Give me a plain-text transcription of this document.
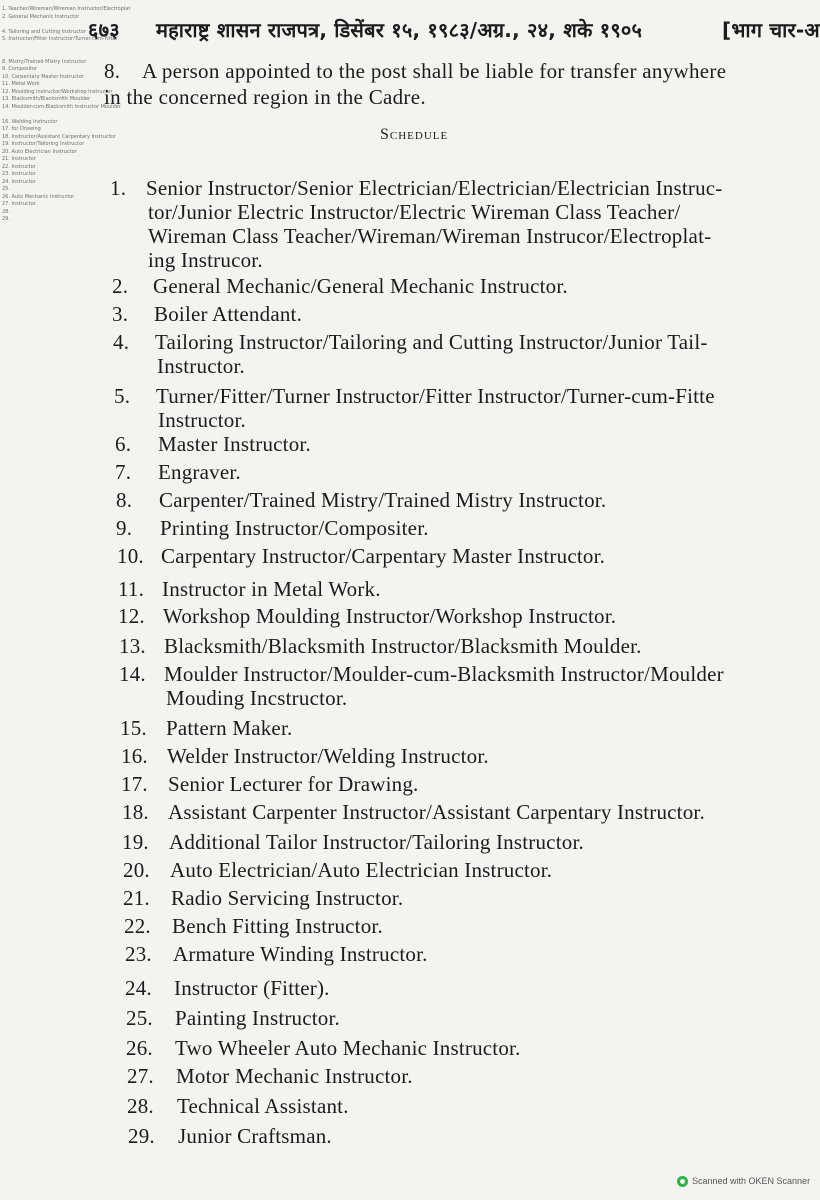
६७३ महाराष्ट्र शासन राजपत्र, डिसेंबर १५, १९८३/अग्र., २४, शके १९०५	[भाग चार-अ
1. Teacher/Wireman/Wireman Instructor/Electroplat
2. General Mechanic Instructor

4. Tailoring and Cutting Instructor
5. Instructor/Fitter Instructor/Turner-cum-Fitter

8. Mistry/Trained Mistry Instructor
9. Compositor
10. Carpentary Master Instructor
11. Metal Work
12. Moulding Instructor/Workshop Instructor
13. Blacksmith/Blacksmith Moulder
14. Moulder-cum-Blacksmith Instructor Moulder

16. Welding Instructor
17. for Drawing
18. Instructor/Assistant Carpentary Instructor
19. Instructor/Tailoring Instructor
20. Auto Electrician Instructor
21. Instructor
22. Instructor
23. Instructor
24. Instructor
25.
26. Auto Mechanic Instructor
27. Instructor
28.
29.
8. A person appointed to the post shall be liable for transfer anywhere
in the concerned region in the Cadre.
Schedule
1. Senior Instructor/Senior Electrician/Electrician/Electrician Instruc-
tor/Junior Electric Instructor/Electric Wireman Class Teacher/
Wireman Class Teacher/Wireman/Wireman Instrucor/Electroplat-
ing Instrucor.
2. General Mechanic/General Mechanic Instructor.
3. Boiler Attendant.
4. Tailoring Instructor/Tailoring and Cutting Instructor/Junior Tail-
Instructor.
5. Turner/Fitter/Turner Instructor/Fitter Instructor/Turner-cum-Fitte
Instructor.
6. Master Instructor.
7. Engraver.
8. Carpenter/Trained Mistry/Trained Mistry Instructor.
9. Printing Instructor/Compositer.
10. Carpentary Instructor/Carpentary Master Instructor.
11. Instructor in Metal Work.
12. Workshop Moulding Instructor/Workshop Instructor.
13. Blacksmith/Blacksmith Instructor/Blacksmith Moulder.
14. Moulder Instructor/Moulder-cum-Blacksmith Instructor/Moulder
Mouding Incstructor.
15. Pattern Maker.
16. Welder Instructor/Welding Instructor.
17. Senior Lecturer for Drawing.
18. Assistant Carpenter Instructor/Assistant Carpentary Instructor.
19. Additional Tailor Instructor/Tailoring Instructor.
20. Auto Electrician/Auto Electrician Instructor.
21. Radio Servicing Instructor.
22. Bench Fitting Instructor.
23. Armature Winding Instructor.
24. Instructor (Fitter).
25. Painting Instructor.
26. Two Wheeler Auto Mechanic Instructor.
27. Motor Mechanic Instructor.
28. Technical Assistant.
29. Junior Craftsman.
Scanned with OKEN Scanner
